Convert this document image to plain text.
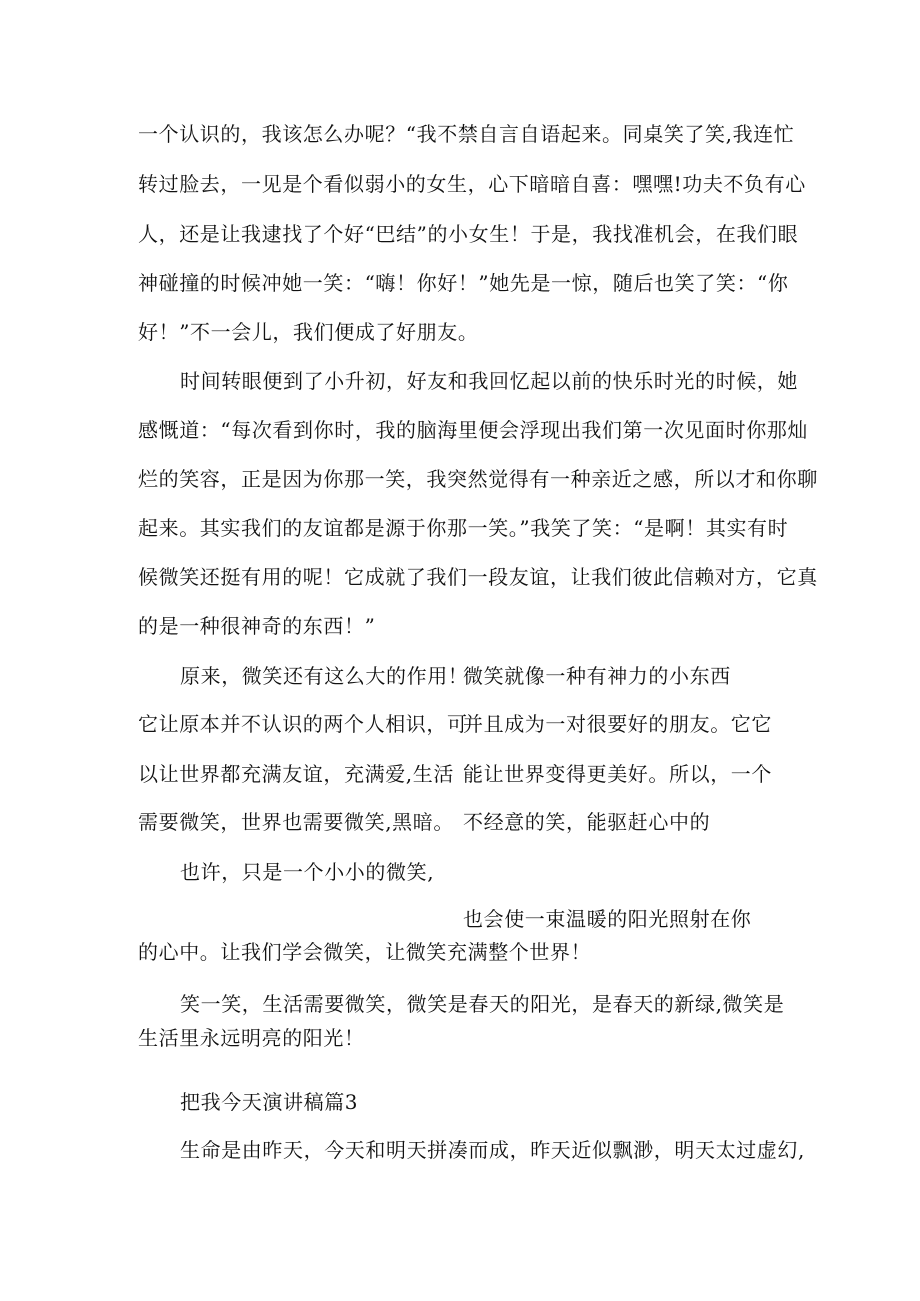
一个认识的，我该怎么办呢？“我不禁自言自语起来。同桌笑了笑,我连忙
转过脸去，一见是个看似弱小的女生，心下暗暗自喜：嘿嘿!功夫不负有心
人，还是让我逮找了个好“巴结”的小女生！于是，我找准机会，在我们眼
神碰撞的时候冲她一笑：“嗨！你好！”她先是一惊，随后也笑了笑：“你
好！”不一会儿，我们便成了好朋友。
时间转眼便到了小升初，好友和我回忆起以前的快乐时光的时候，她
感慨道：“每次看到你时，我的脑海里便会浮现出我们第一次见面时你那灿
烂的笑容，正是因为你那一笑，我突然觉得有一种亲近之感，所以才和你聊
起来。其实我们的友谊都是源于你那一笑。”我笑了笑：“是啊！其实有时
候微笑还挺有用的呢！它成就了我们一段友谊，让我们彼此信赖对方，它真
的是一种很神奇的东西！”
原来，微笑还有这么大的作用！
微笑就像一种有神力的小东西
它让原本并不认识的两个人相识，可
并且成为一对很要好的朋友。它它
以让世界都充满友谊，充满爱,生活 能让世界变得更美好。所以，一个
需要微笑，世界也需要微笑,黑暗。 不经意的笑，能驱赶心中的
也许，只是一个小小的微笑,
也会使一束温暖的阳光照射在你
的心中。让我们学会微笑，让微笑充满整个世界！
笑一笑，生活需要微笑，微笑是春天的阳光，是春天的新绿,微笑是
生活里永远明亮的阳光！
把我今天演讲稿篇3
生命是由昨天，今天和明天拼凑而成，昨天近似飘渺，明天太过虚幻,
